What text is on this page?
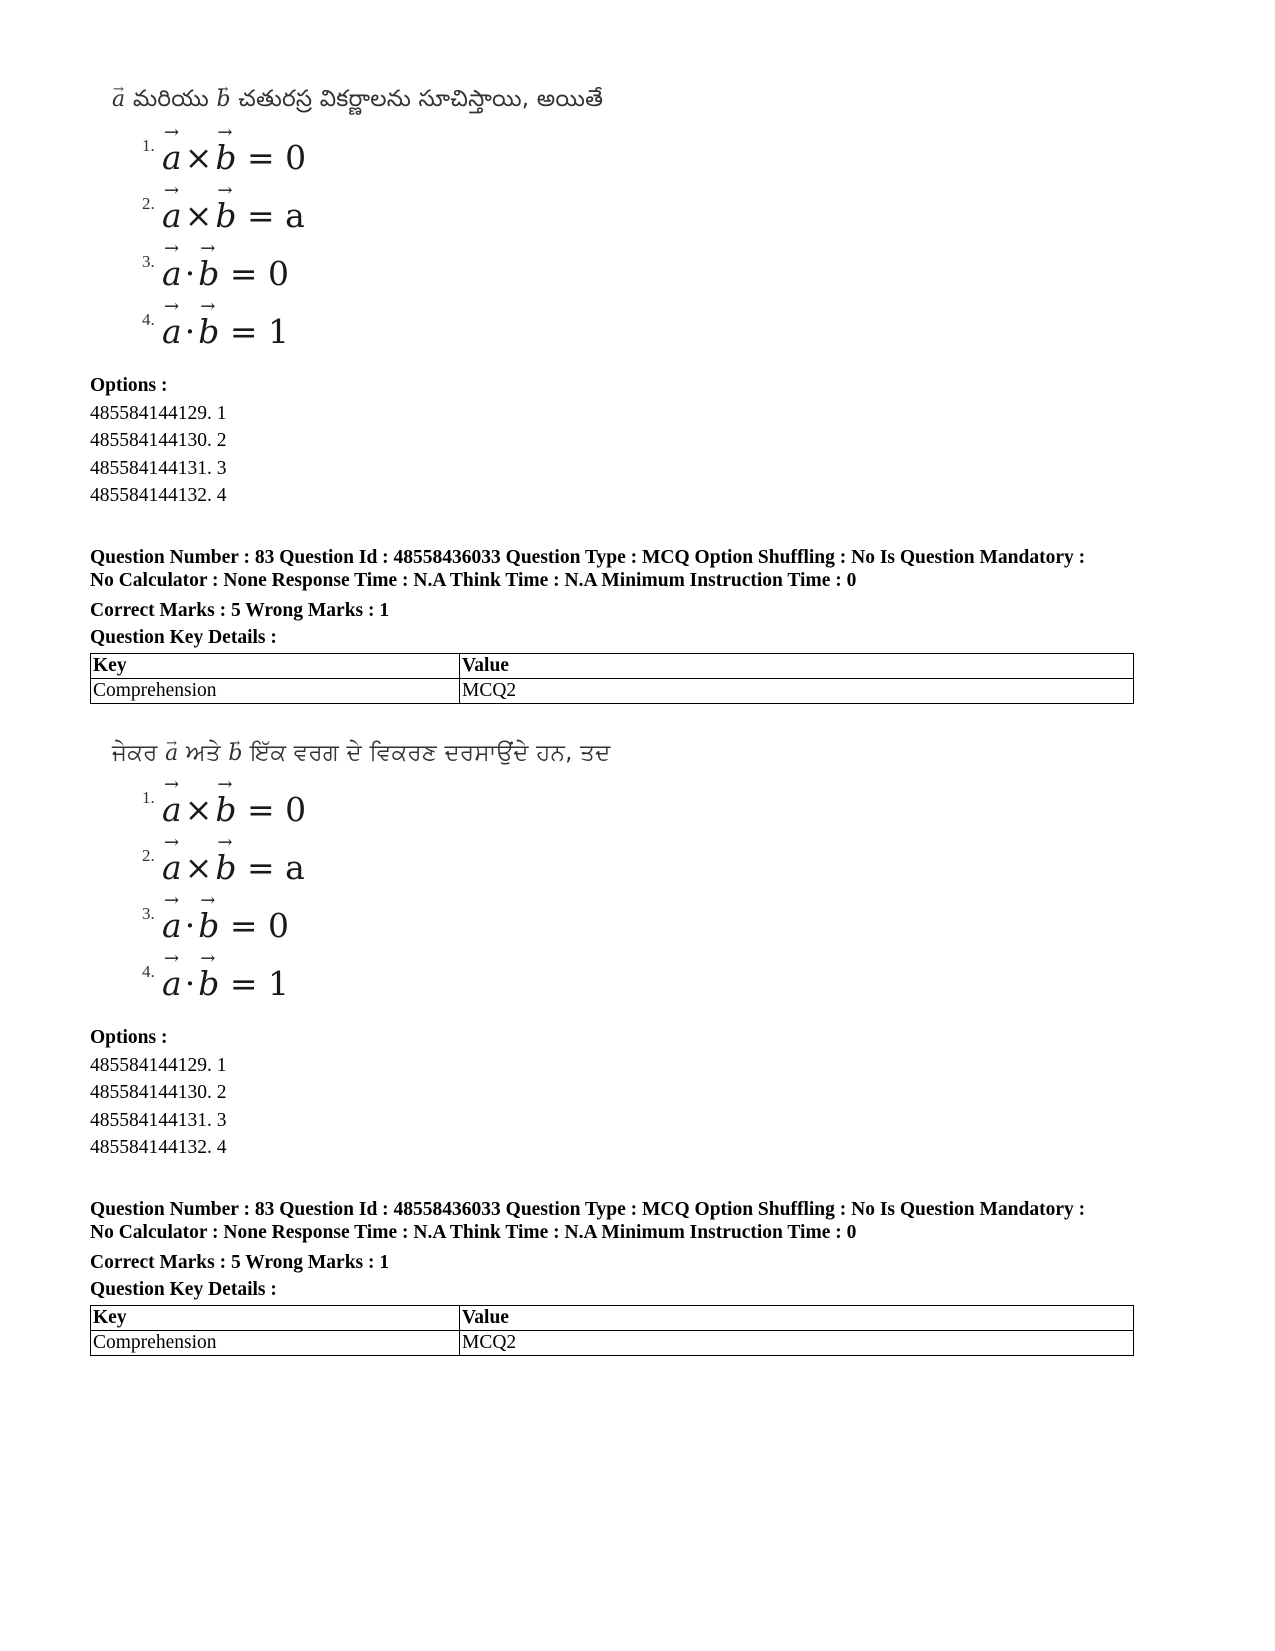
→ a మరియు → b చతురస్ర వికర్ణాలను సూచిస్తాయి, అయితే
1. → a×→ b = 0
2. → a×→ b = a
3. → a·→ b = 0
4. → a·→ b = 1
Options :
485584144129. 1
485584144130. 2
485584144131. 3
485584144132. 4
Question Number : 83 Question Id : 48558436033 Question Type : MCQ Option Shuffling : No Is Question Mandatory :
No Calculator : None Response Time : N.A Think Time : N.A Minimum Instruction Time : 0
Correct Marks : 5 Wrong Marks : 1
Question Key Details :
Key	Value
Comprehension	MCQ2
ਜੇਕਰ → a ਅਤੇ → b ਇੱਕ ਵਰਗ ਦੇ ਵਿਕਰਣ ਦਰਸਾਉਂਦੇ ਹਨ, ਤਦ
1. → a×→ b = 0
2. → a×→ b = a
3. → a·→ b = 0
4. → a·→ b = 1
Options :
485584144129. 1
485584144130. 2
485584144131. 3
485584144132. 4
Question Number : 83 Question Id : 48558436033 Question Type : MCQ Option Shuffling : No Is Question Mandatory :
No Calculator : None Response Time : N.A Think Time : N.A Minimum Instruction Time : 0
Correct Marks : 5 Wrong Marks : 1
Question Key Details :
Key	Value
Comprehension	MCQ2
